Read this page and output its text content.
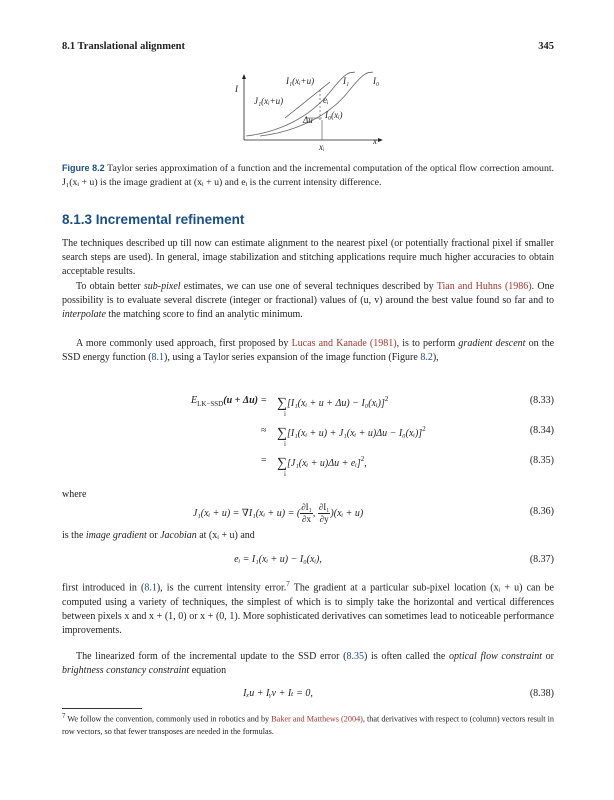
8.1 Translational alignment	345
I
I₁(xᵢ+u)	I₁	I₀
J₁(xᵢ+u)	eᵢ
Δu I₀(xᵢ)
xᵢ
x
Figure 8.2 Taylor series approximation of a function and the incremental computation of the optical flow correction amount. J₁(xᵢ + u) is the image gradient at (xᵢ + u) and eᵢ is the current intensity difference.
8.1.3 Incremental refinement
The techniques described up till now can estimate alignment to the nearest pixel (or potentially fractional pixel if smaller search steps are used). In general, image stabilization and stitching applications require much higher accuracies to obtain acceptable results.
To obtain better sub-pixel estimates, we can use one of several techniques described by Tian and Huhns (1986). One possibility is to evaluate several discrete (integer or fractional) values of (u, v) around the best value found so far and to interpolate the matching score to find an analytic minimum.
A more commonly used approach, first proposed by Lucas and Kanade (1981), is to perform gradient descent on the SSD energy function (8.1), using a Taylor series expansion of the image function (Figure 8.2),
$E_{LK-SSD}(u + \Delta u)$ = ∑[I₁(xᵢ + u + Δu) − I₀(xᵢ)]$^2$	(8.33)
i
≈ ∑[I₁(xᵢ + u) + J₁(xᵢ + u)Δu − I₀(xᵢ)]$^2$	(8.34)
i
= ∑[J₁(xᵢ + u)Δu + eᵢ]$^2$,	(8.35)
i
where
J₁(xᵢ + u) = ∇I₁(xᵢ + u) = ( $\frac{\text{∂I₁}}{\partial x}$ , $\frac{\text{∂I₁}}{\partial y}$ )(xᵢ + u)	(8.36)
is the image gradient or Jacobian at (xᵢ + u) and
eᵢ = I₁(xᵢ + u) − I₀(xᵢ),	(8.37)
first introduced in (8.1), is the current intensity error.$^7$ The gradient at a particular sub-pixel location (xᵢ + u) can be computed using a variety of techniques, the simplest of which is to simply take the horizontal and vertical differences between pixels x and x + (1, 0) or x + (0, 1). More sophisticated derivatives can sometimes lead to noticeable performance improvements.
The linearized form of the incremental update to the SSD error (8.35) is often called the optical flow constraint or brightness constancy constraint equation
Iₓu + Iᵧv + Iₜ = 0,	(8.38)
$^7$ We follow the convention, commonly used in robotics and by Baker and Matthews (2004), that derivatives with respect to (column) vectors result in row vectors, so that fewer transposes are needed in the formulas.
